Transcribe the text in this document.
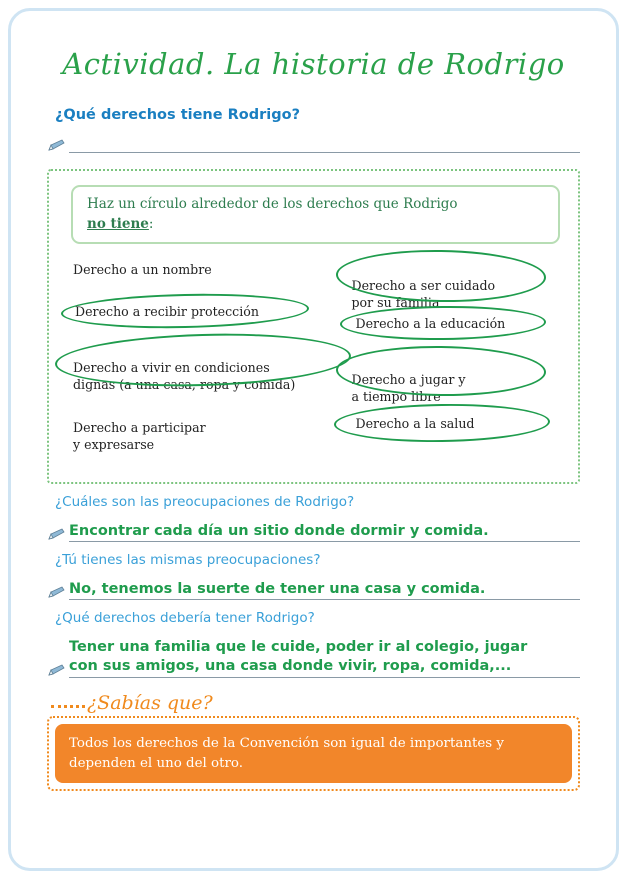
Actividad. La historia de Rodrigo
¿Qué derechos tiene Rodrigo?
Haz un círculo alrededor de los derechos que Rodrigo
no tiene:
Derecho a un nombre
Derecho a recibir protección

Derecho a vivir en condiciones
dignas (a una casa, ropa y comida)

Derecho a participar
y expresarse

Derecho a ser cuidado
por su familia

Derecho a la educación

Derecho a jugar y
a tiempo libre

Derecho a la salud
¿Cuáles son las preocupaciones de Rodrigo?
Encontrar cada día un sitio donde dormir y comida.
¿Tú tienes las mismas preocupaciones?
No, tenemos la suerte de tener una casa y comida.
¿Qué derechos debería tener Rodrigo?
Tener una familia que le cuide, poder ir al colegio, jugar
con sus amigos, una casa donde vivir, ropa, comida,...
¿Sabías que?
Todos los derechos de la Convención son igual de importantes y dependen el uno del otro.
